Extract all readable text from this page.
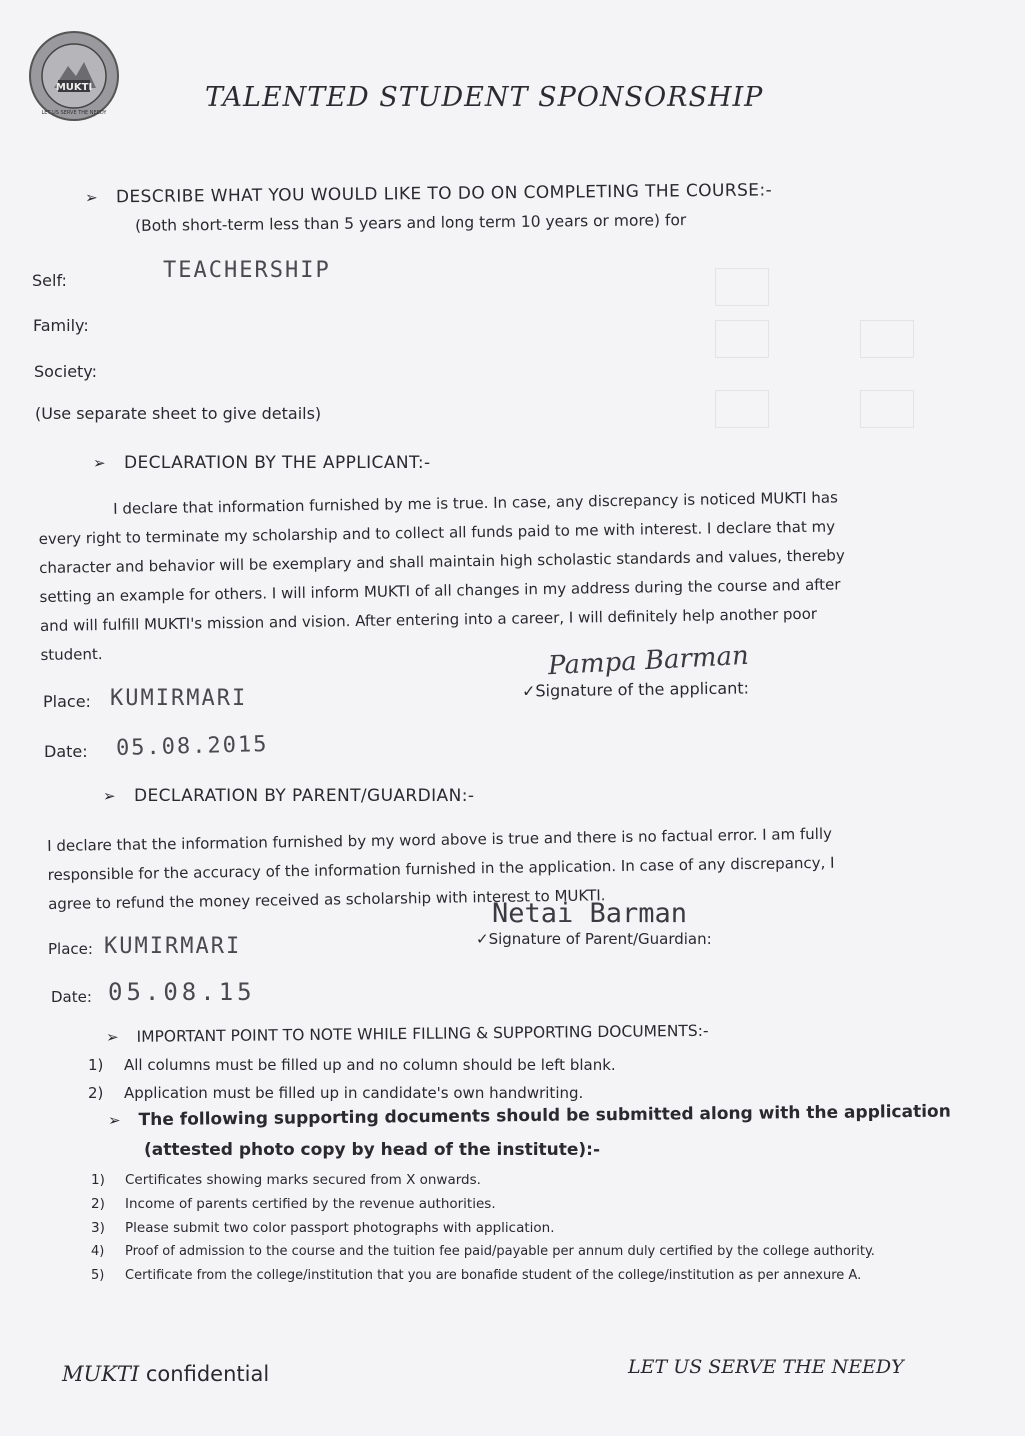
MUKTI
LET US SERVE THE NEEDY	TALENTED STUDENT SPONSORSHIP
➢ DESCRIBE WHAT YOU WOULD LIKE TO DO ON COMPLETING THE COURSE:-
(Both short-term less than 5 years and long term 10 years or more) for
Self:	TEACHERSHIP
Family:
Society:
(Use separate sheet to give details)
➢ DECLARATION BY THE APPLICANT:-
I declare that information furnished by me is true. In case, any discrepancy is noticed MUKTI has
every right to terminate my scholarship and to collect all funds paid to me with interest. I declare that my
character and behavior will be exemplary and shall maintain high scholastic standards and values, thereby
setting an example for others. I will inform MUKTI of all changes in my address during the course and after
and will fulfill MUKTI's mission and vision. After entering into a career, I will definitely help another poor
student.	Pampa Barman
✓Signature of the applicant:
Place: KUMIRMARI
Date: 05.08.2015
➢ DECLARATION BY PARENT/GUARDIAN:-
I declare that the information furnished by my word above is true and there is no factual error. I am fully
responsible for the accuracy of the information furnished in the application. In case of any discrepancy, I
agree to refund the money received as scholarship with interest to MUKTI.
Netai Barman
✓Signature of Parent/Guardian:
Place: KUMIRMARI
Date: 05.08.15
➢ IMPORTANT POINT TO NOTE WHILE FILLING & SUPPORTING DOCUMENTS:-
1) All columns must be filled up and no column should be left blank.
2) Application must be filled up in candidate's own handwriting.
➢ The following supporting documents should be submitted along with the application
(attested photo copy by head of the institute):-
1) Certificates showing marks secured from X onwards.
2) Income of parents certified by the revenue authorities.
3) Please submit two color passport photographs with application.
4) Proof of admission to the course and the tuition fee paid/payable per annum duly certified by the college authority.
5) Certificate from the college/institution that you are bonafide student of the college/institution as per annexure A.
MUKTI confidential	LET US SERVE THE NEEDY
